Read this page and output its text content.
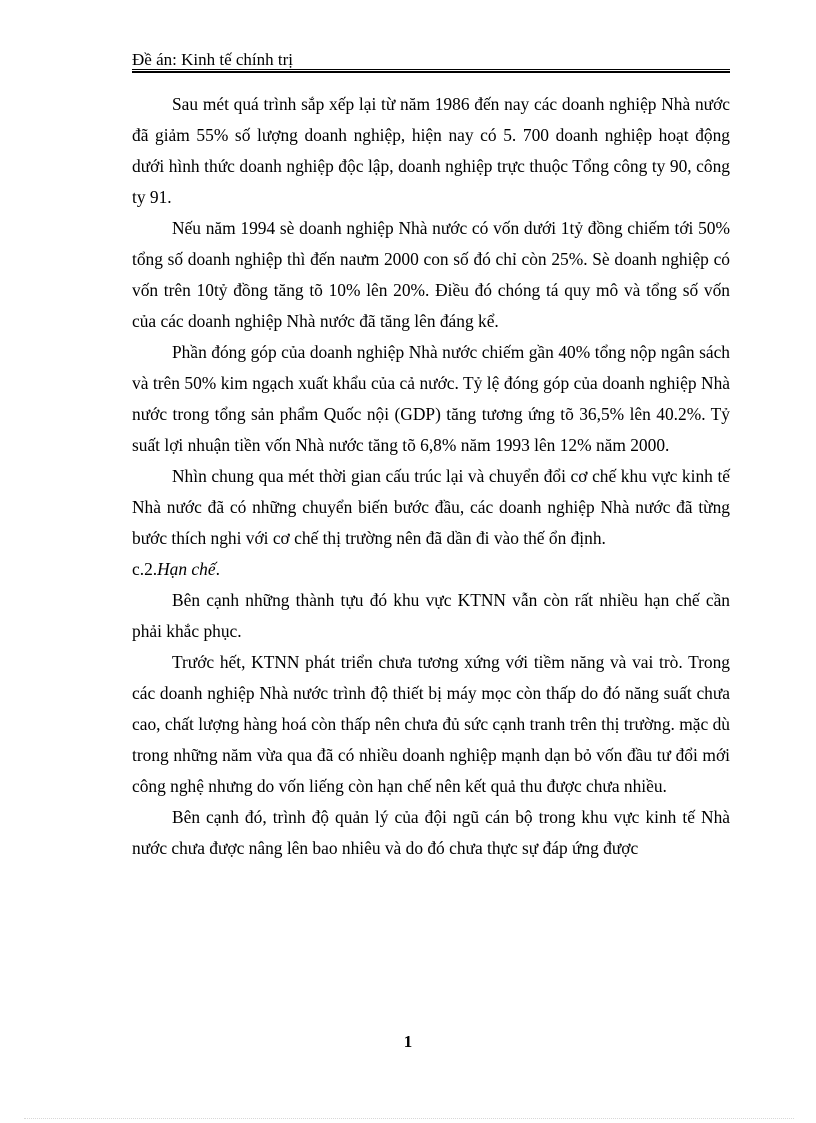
Đề án: Kinh tế chính trị

Sau mét quá trình sắp xếp lại từ năm 1986 đến nay các doanh nghiệp Nhà nước đã giảm 55% số lượng doanh nghiệp, hiện nay có 5. 700 doanh nghiệp hoạt động dưới hình thức doanh nghiệp độc lập, doanh nghiệp trực thuộc Tổng công ty 90, công ty 91.

Nếu năm 1994 sè doanh nghiệp Nhà nước có vốn dưới 1tỷ đồng chiếm tới 50% tổng số doanh nghiệp thì đến naưm 2000 con số đó chỉ còn 25%. Sè doanh nghiệp có vốn trên 10tỷ đồng tăng tõ 10% lên 20%. Điều đó chóng tá quy mô và tổng số vốn của các doanh nghiệp Nhà nước đã tăng lên đáng kể.

Phần đóng góp của doanh nghiệp Nhà nước chiếm gần 40% tổng nộp ngân sách và trên 50% kim ngạch xuất khẩu của cả nước. Tỷ lệ đóng góp của doanh nghiệp Nhà nước trong tổng sản phẩm Quốc nội (GDP) tăng tương ứng tõ 36,5% lên 40.2%. Tỷ suất lợi nhuận tiền vốn Nhà nước tăng tõ 6,8% năm 1993 lên 12% năm 2000.

Nhìn chung qua mét thời gian cấu trúc lại và chuyển đổi cơ chế khu vực kinh tế Nhà nước đã có những chuyển biến bước đầu, các doanh nghiệp Nhà nước đã từng bước thích nghi với cơ chế thị trường nên đã dần đi vào thế ổn định.

c.2.Hạn chế.

Bên cạnh những thành tựu đó khu vực KTNN vẫn còn rất nhiều hạn chế cần phải khắc phục.

Trước hết, KTNN phát triển chưa tương xứng với tiềm năng và vai trò. Trong các doanh nghiệp Nhà nước trình độ thiết bị máy mọc còn thấp do đó năng suất chưa cao, chất lượng hàng hoá còn thấp nên chưa đủ sức cạnh tranh trên thị trường. mặc dù trong những năm vừa qua đã có nhiều doanh nghiệp mạnh dạn bỏ vốn đầu tư đổi mới công nghệ nhưng do vốn liếng còn hạn chế nên kết quả thu được chưa nhiều.

Bên cạnh đó, trình độ quản lý của đội ngũ cán bộ trong khu vực kinh tế Nhà nước chưa được nâng lên bao nhiêu và do đó chưa thực sự đáp ứng được

1
